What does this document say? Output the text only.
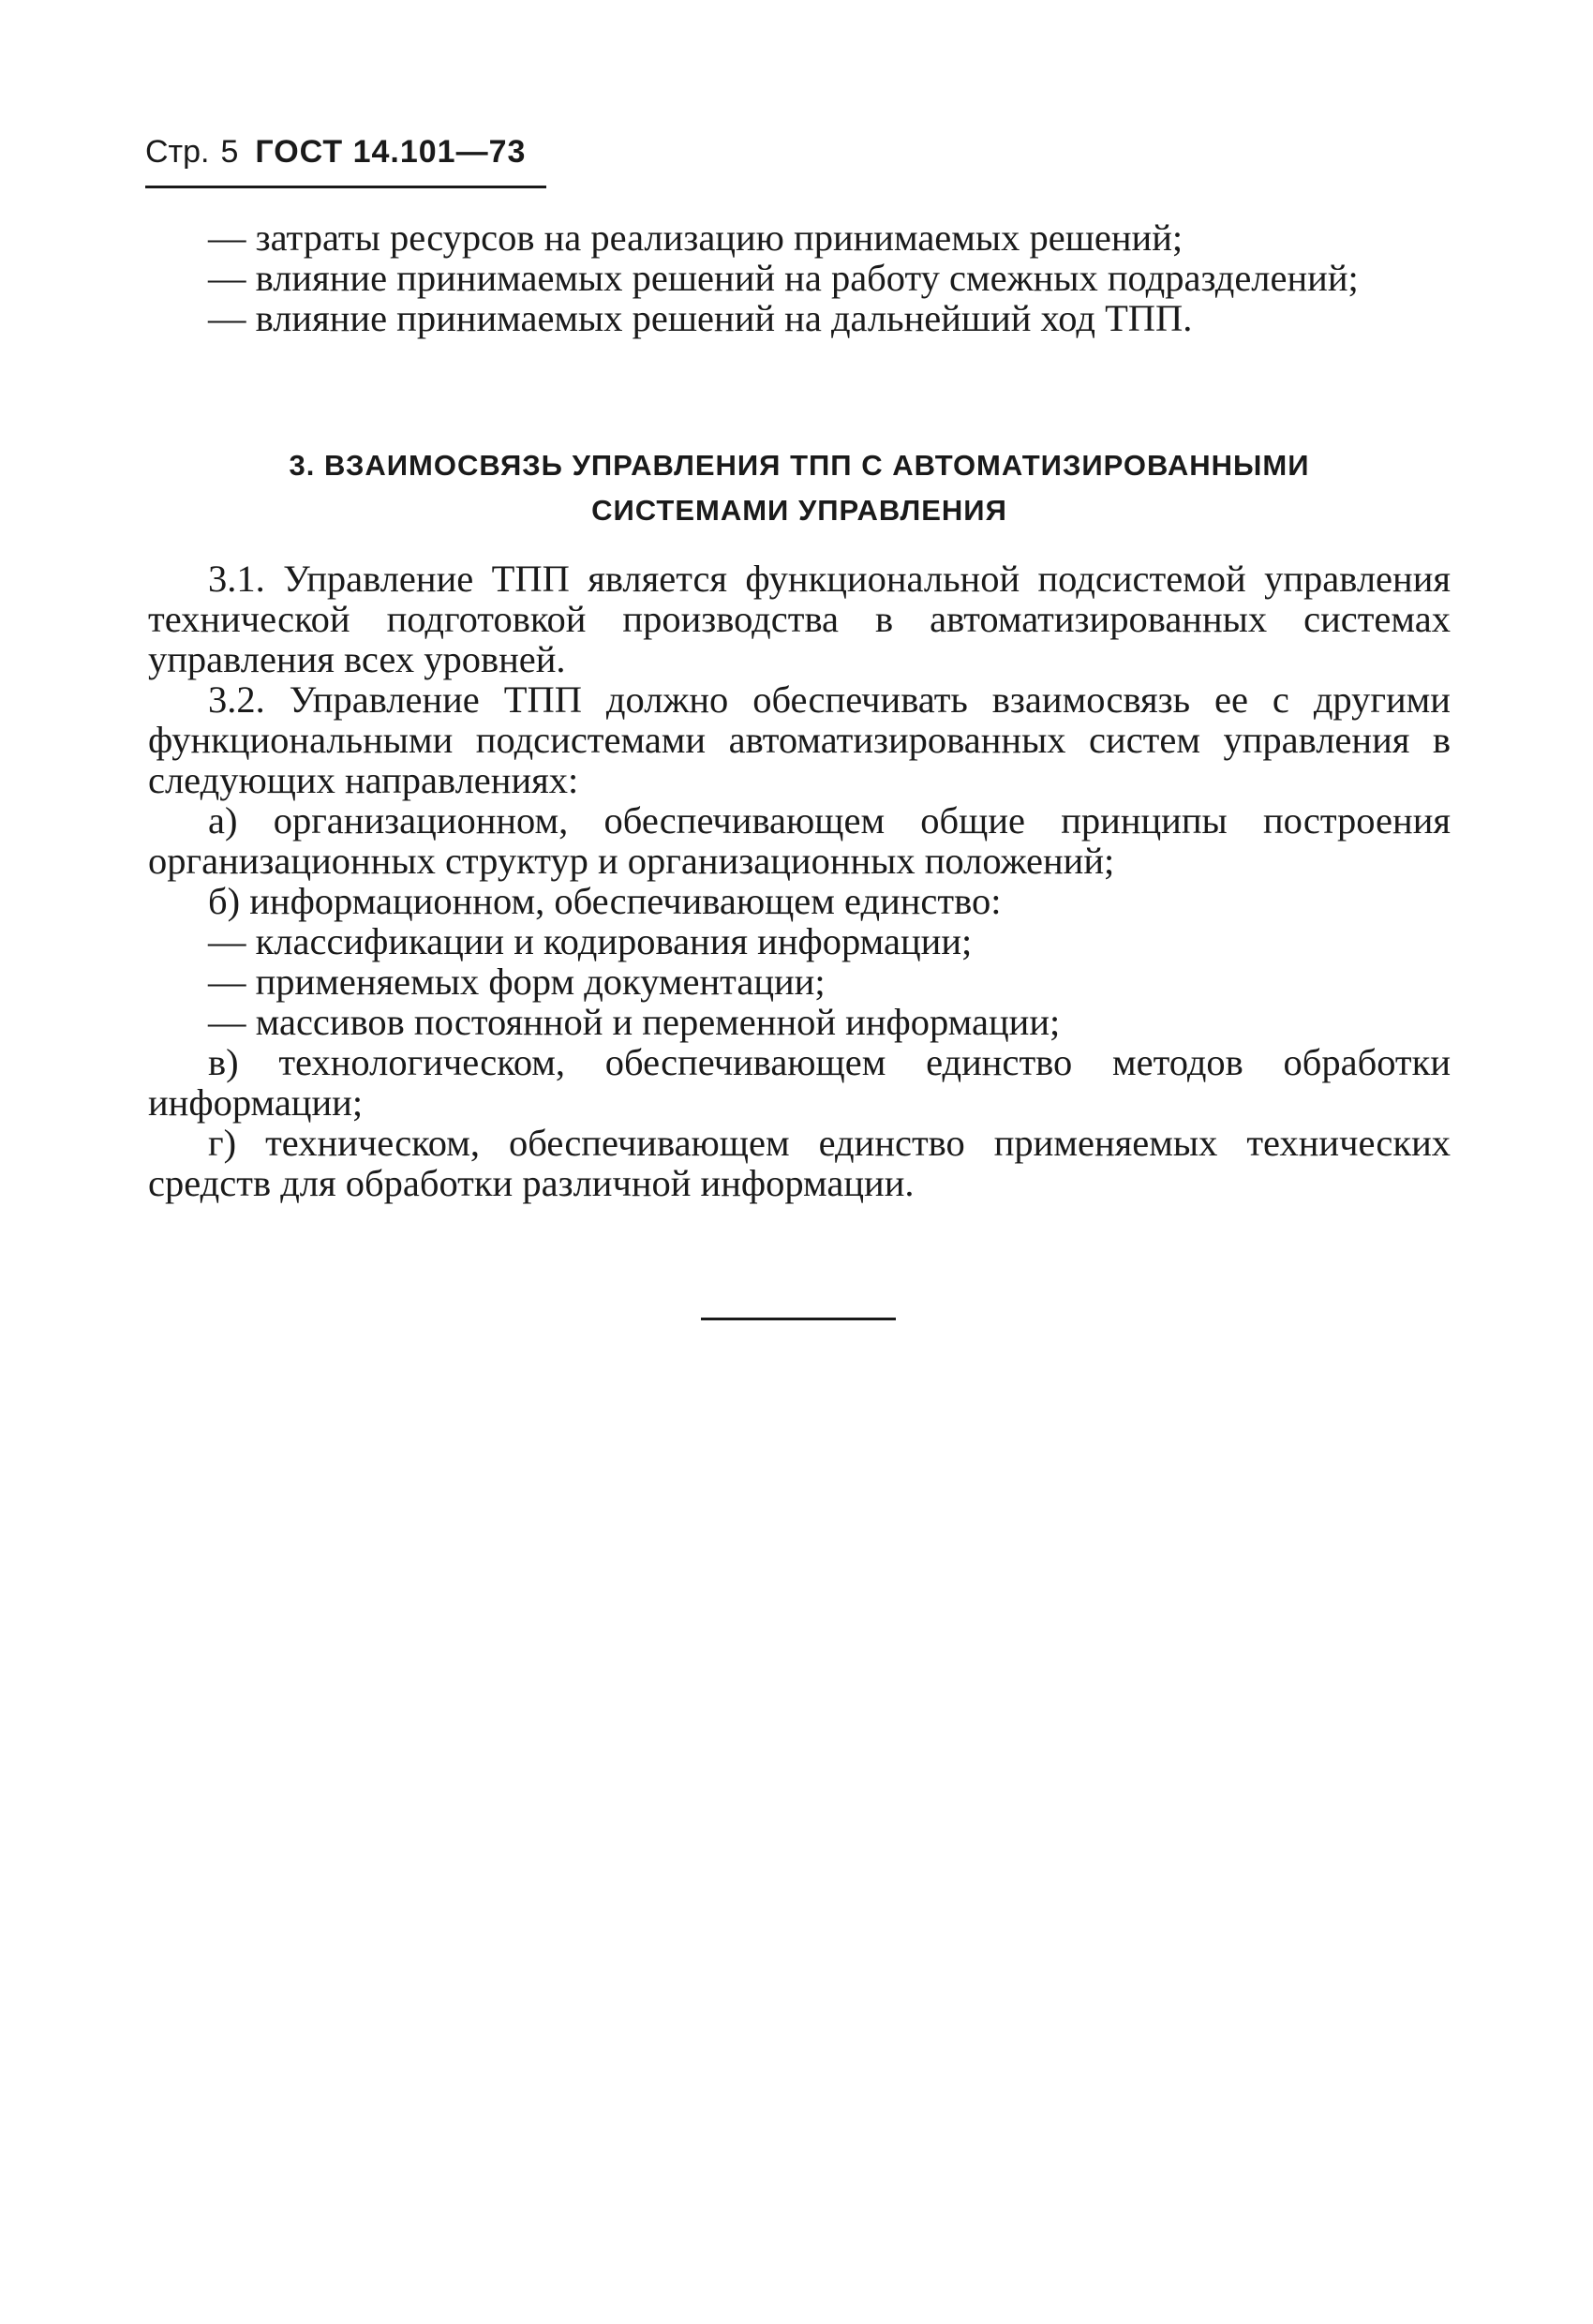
Стр. 5 ГОСТ 14.101—73

— затраты ресурсов на реализацию принимаемых решений;

— влияние принимаемых решений на работу смежных подразделений;

— влияние принимаемых решений на дальнейший ход ТПП.

3. ВЗАИМОСВЯЗЬ УПРАВЛЕНИЯ ТПП С АВТОМАТИЗИРОВАННЫМИ
СИСТЕМАМИ УПРАВЛЕНИЯ

3.1. Управление ТПП является функциональной подсистемой управления технической подготовкой производства в автоматизированных системах управления всех уровней.

3.2. Управление ТПП должно обеспечивать взаимосвязь ее с другими функциональными подсистемами автоматизированных систем управления в следующих направлениях:

а) организационном, обеспечивающем общие принципы построения организационных структур и организационных положений;

б) информационном, обеспечивающем единство:

— классификации и кодирования информации;

— применяемых форм документации;

— массивов постоянной и переменной информации;

в) технологическом, обеспечивающем единство методов обработки информации;

г) техническом, обеспечивающем единство применяемых технических средств для обработки различной информации.
